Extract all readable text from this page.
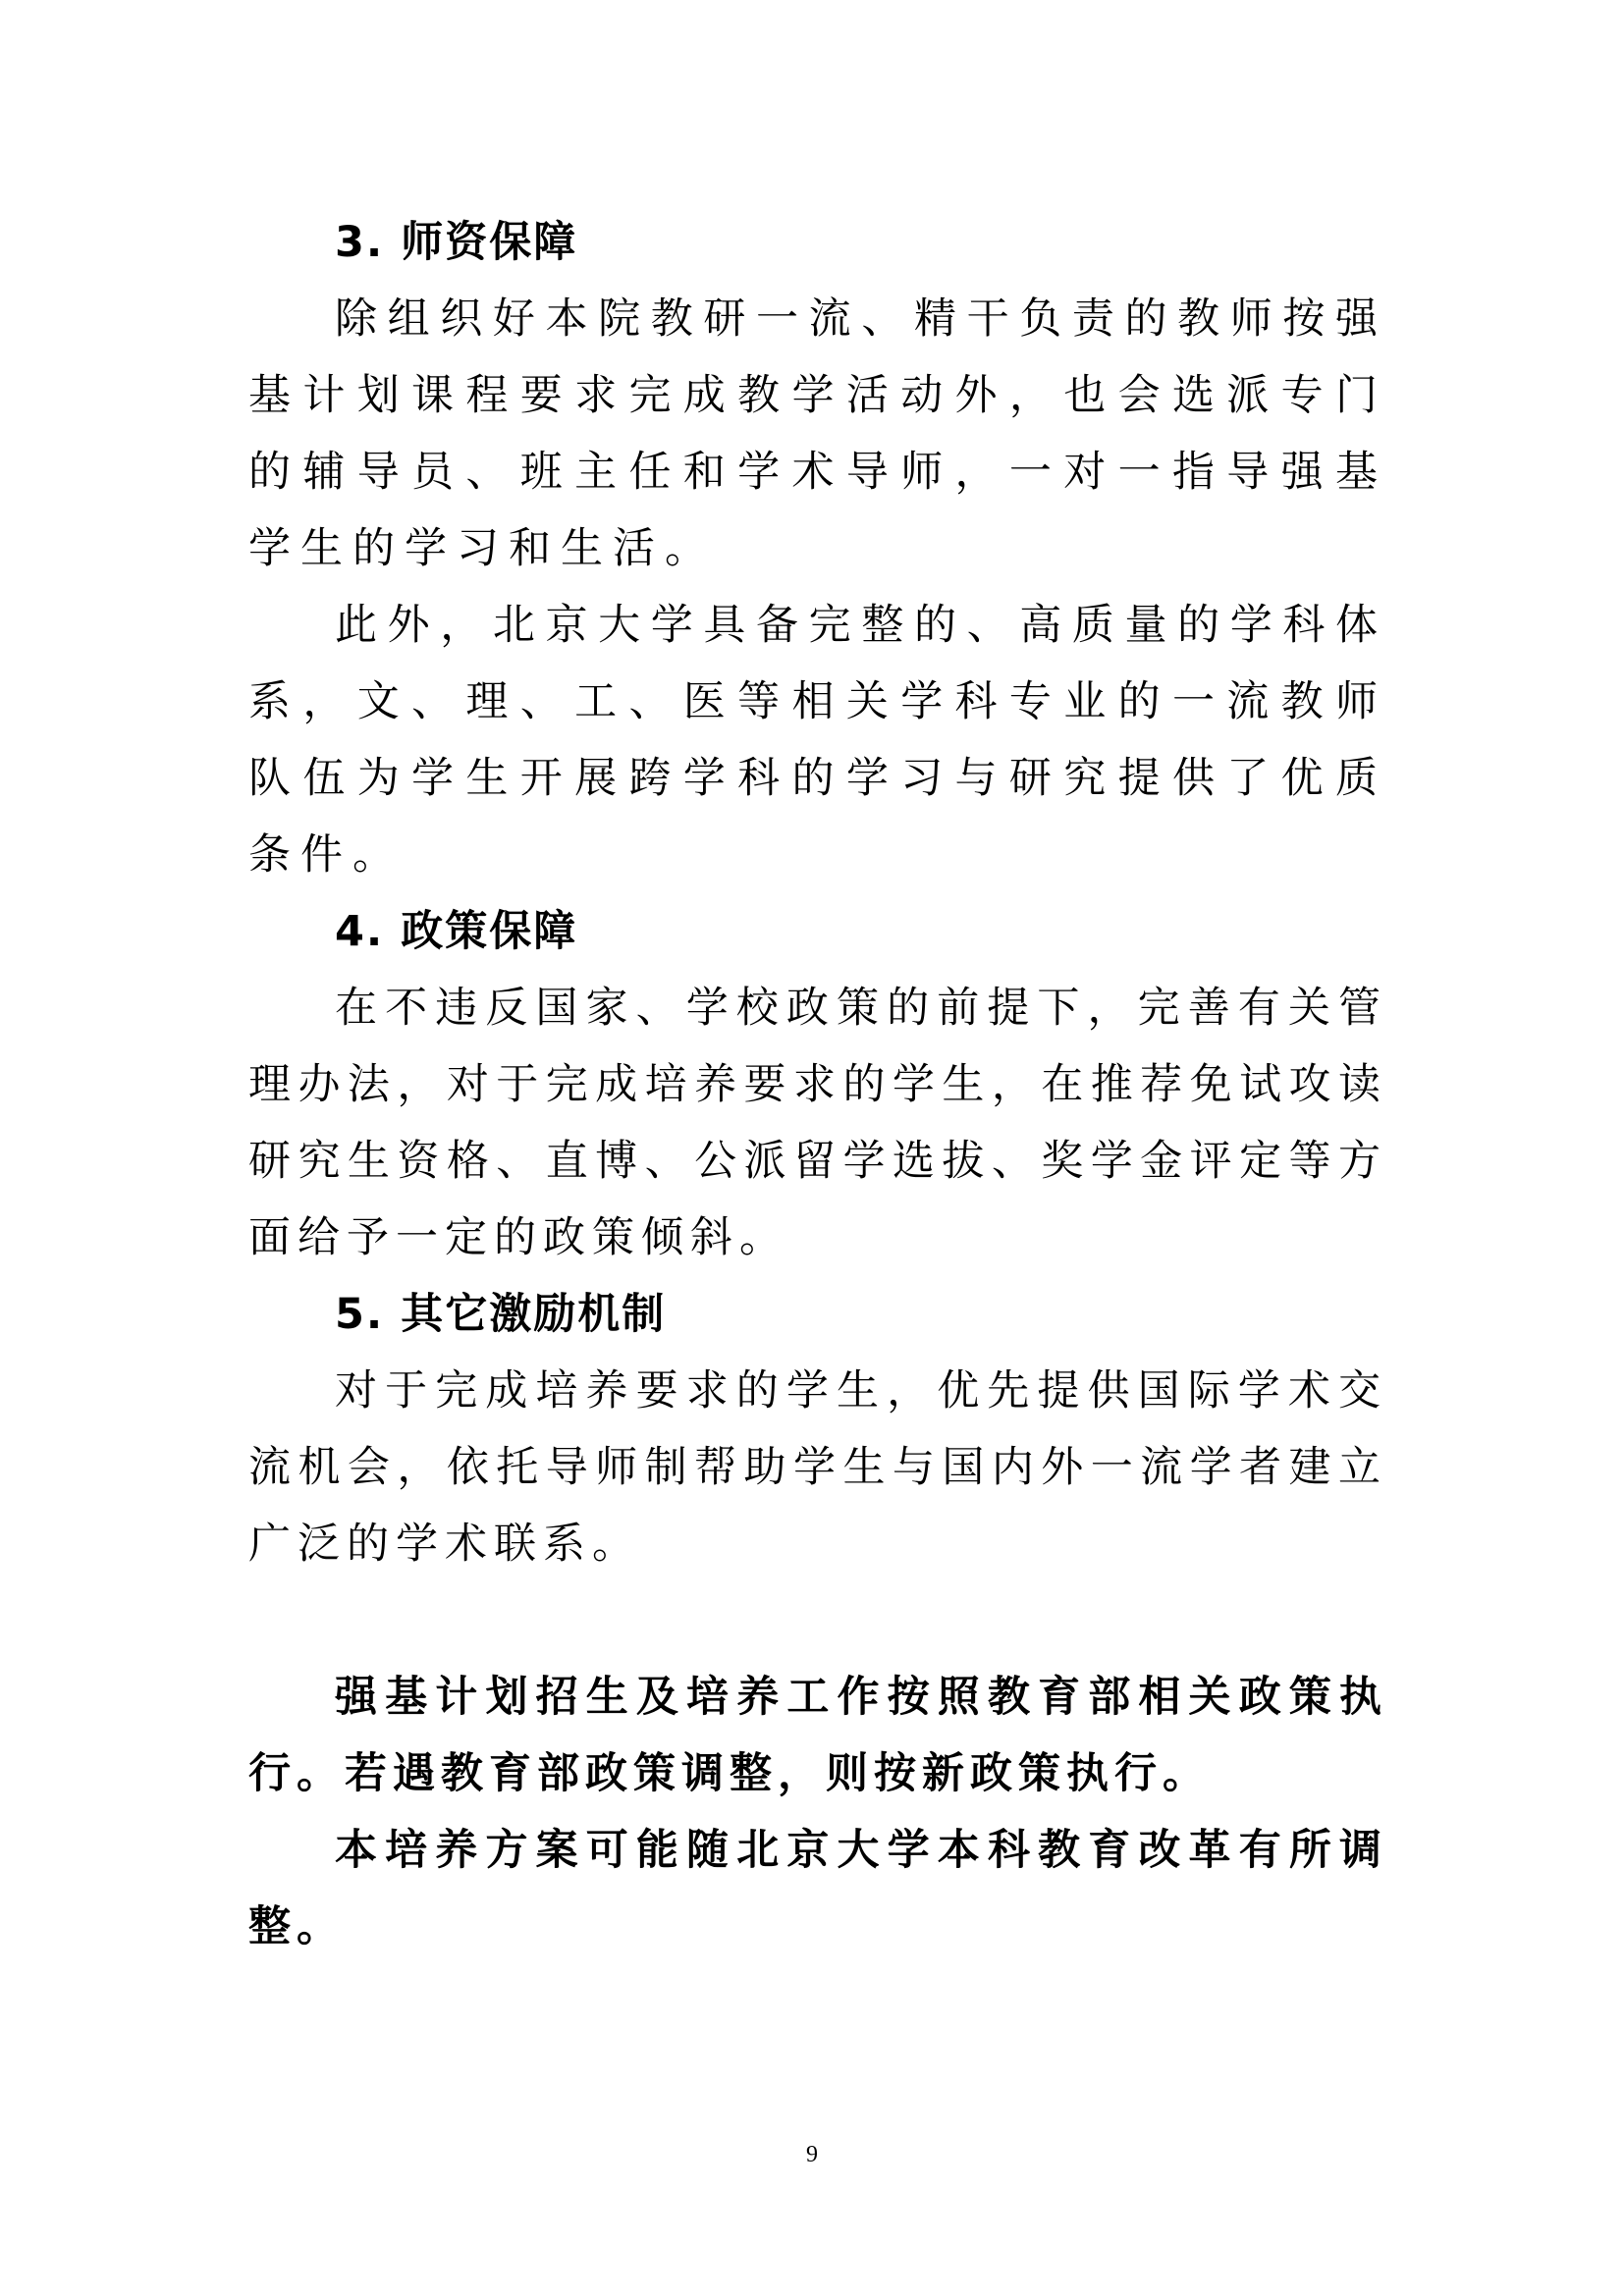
3. 师资保障

除组织好本院教研一流、精干负责的教师按强基计划课程要求完成教学活动外，也会选派专门的辅导员、班主任和学术导师，一对一指导强基学生的学习和生活。

此外，北京大学具备完整的、高质量的学科体系，文、理、工、医等相关学科专业的一流教师队伍为学生开展跨学科的学习与研究提供了优质条件。

4. 政策保障

在不违反国家、学校政策的前提下，完善有关管理办法，对于完成培养要求的学生，在推荐免试攻读研究生资格、直博、公派留学选拔、奖学金评定等方面给予一定的政策倾斜。

5. 其它激励机制

对于完成培养要求的学生，优先提供国际学术交流机会，依托导师制帮助学生与国内外一流学者建立广泛的学术联系。

强基计划招生及培养工作按照教育部相关政策执行。若遇教育部政策调整，则按新政策执行。

本培养方案可能随北京大学本科教育改革有所调整。

9
